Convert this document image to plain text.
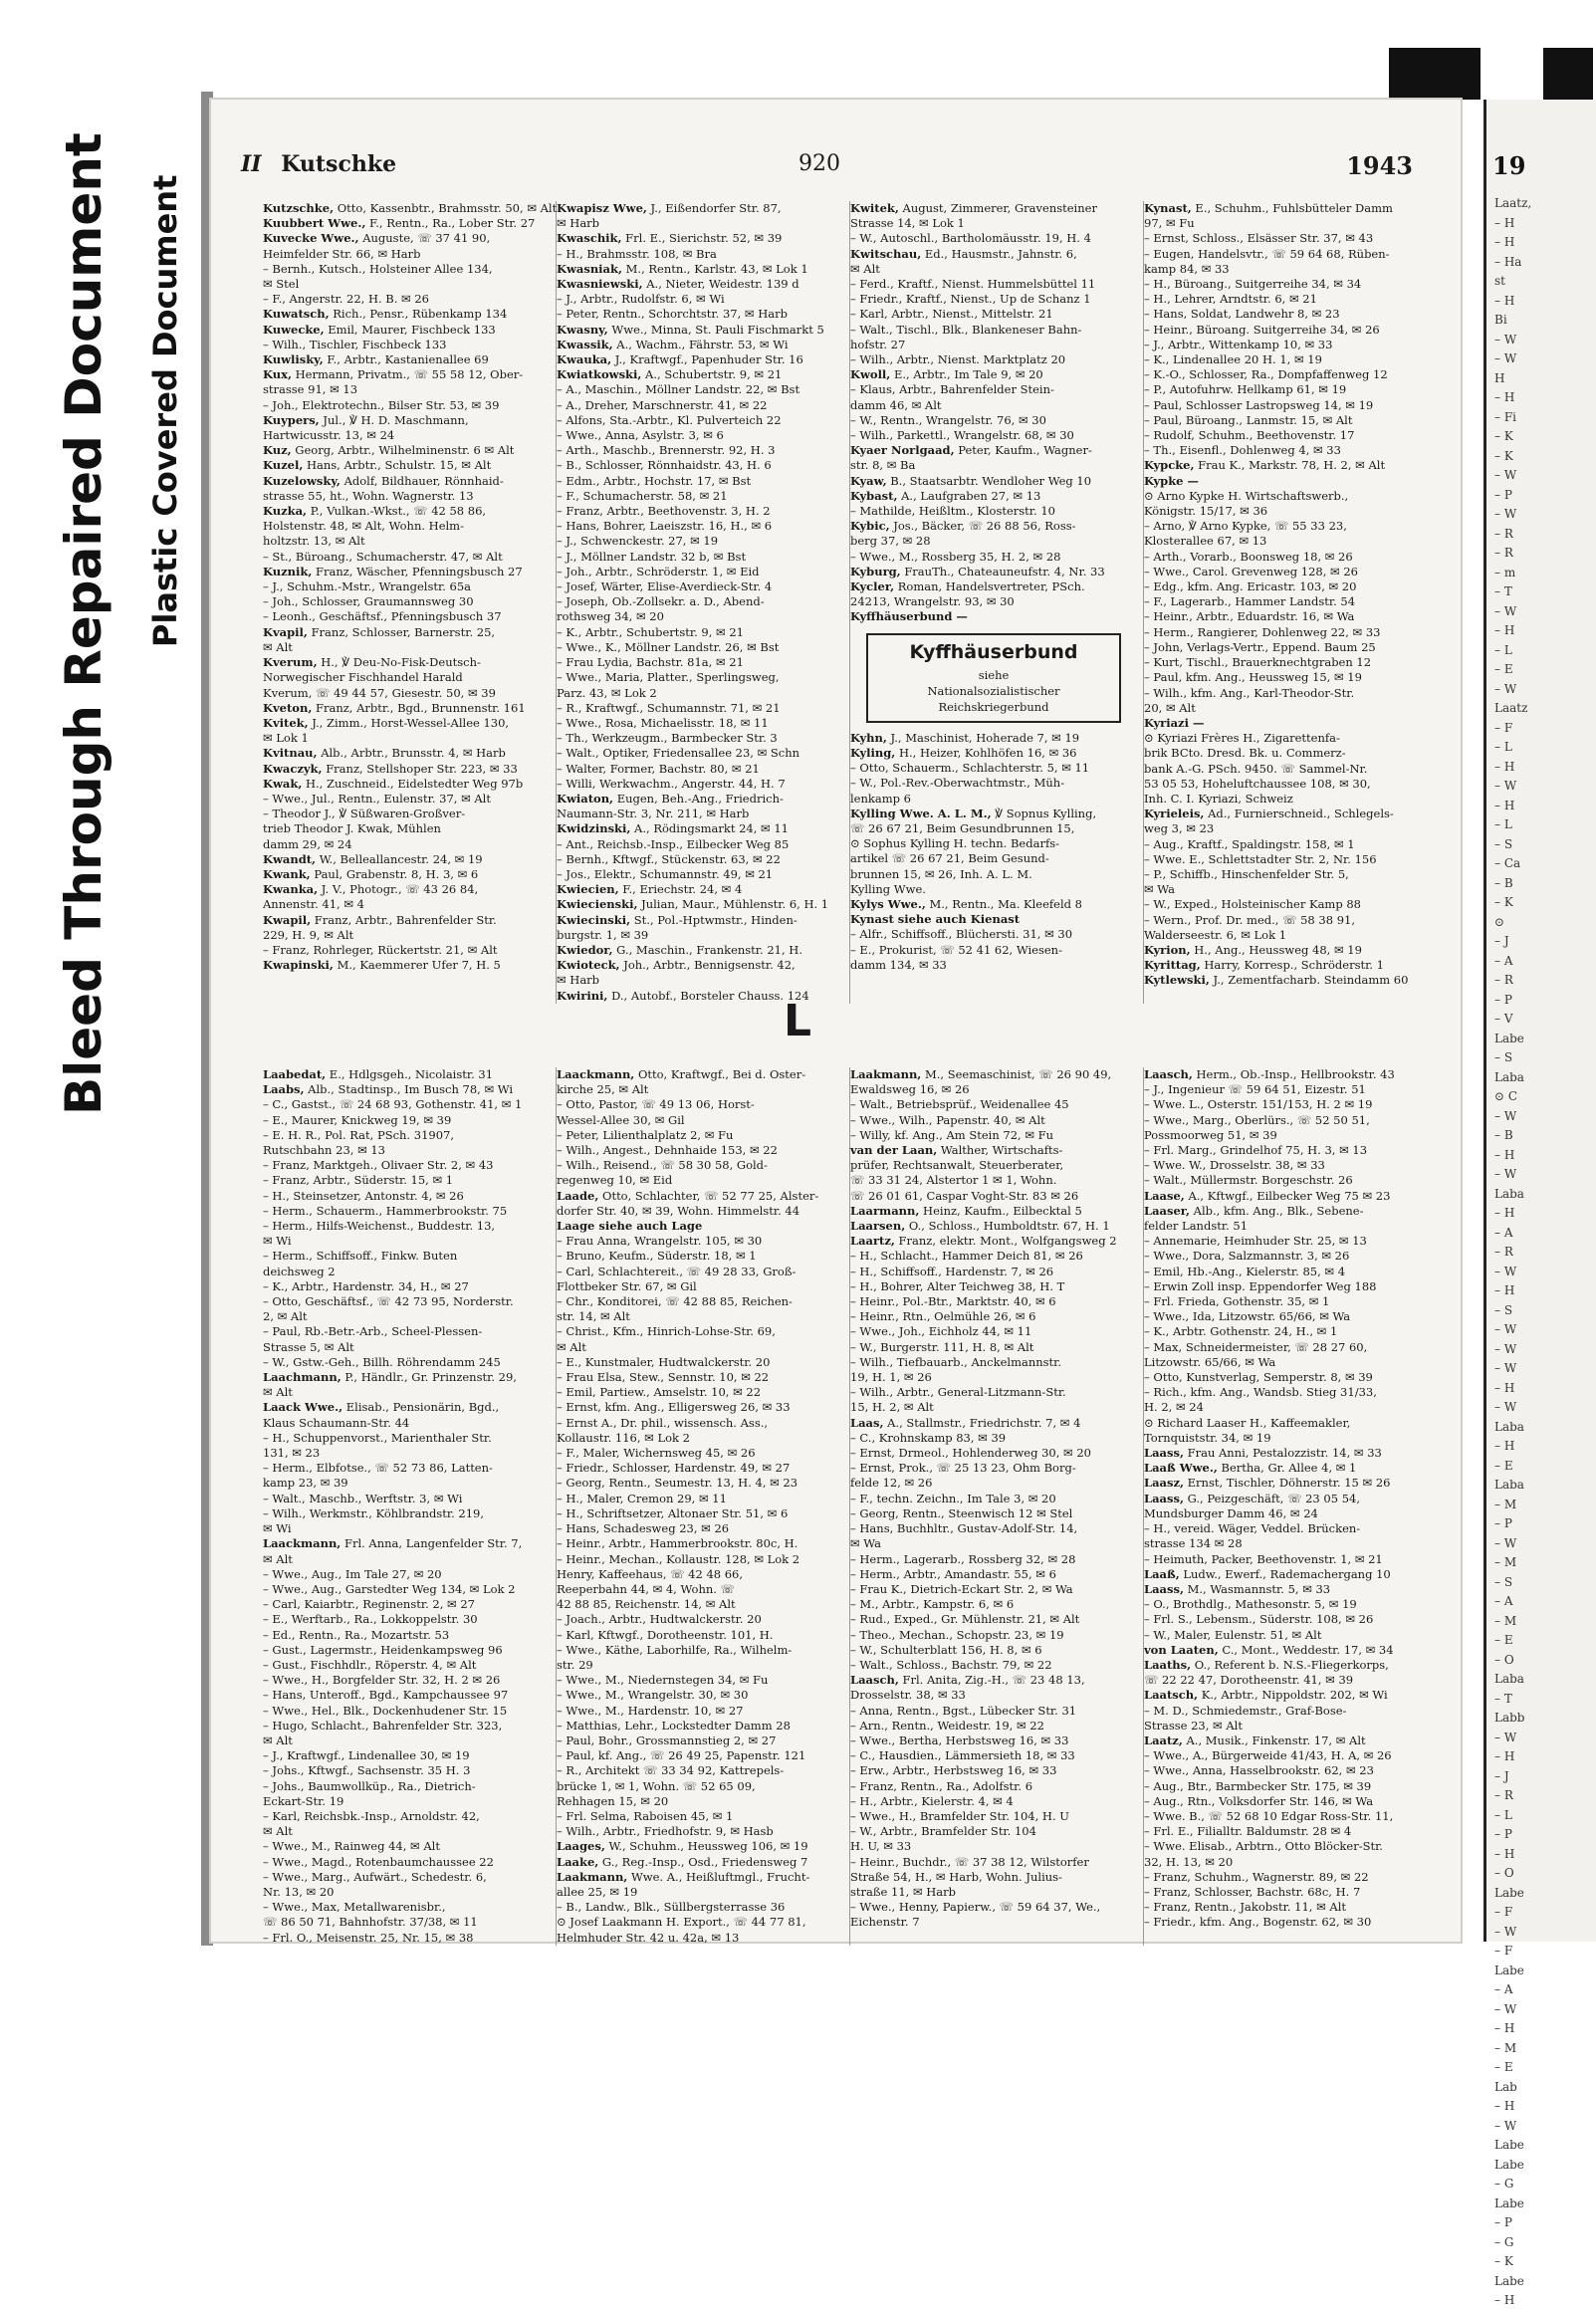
Bleed Through Repaired Document Plastic Covered Document
II Kutschke	920	1943
Kutzschke, Otto, Kassenbtr., Brahmsstr. 50, ✉ Alt
Kuubbert Wwe., F., Rentn., Ra., Lober Str. 27
Kuvecke Wwe., Auguste, ☏ 37 41 90,
Heimfelder Str. 66, ✉ Harb
– Bernh., Kutsch., Holsteiner Allee 134,
✉ Stel
– F., Angerstr. 22, H. B. ✉ 26
Kuwatsch, Rich., Pensr., Rübenkamp 134
Kuwecke, Emil, Maurer, Fischbeck 133
– Wilh., Tischler, Fischbeck 133
Kuwlisky, F., Arbtr., Kastanienallee 69
Kux, Hermann, Privatm., ☏ 55 58 12, Ober-
strasse 91, ✉ 13
– Joh., Elektrotechn., Bilser Str. 53, ✉ 39
Kuypers, Jul., ℣ H. D. Maschmann,
Hartwicusstr. 13, ✉ 24
Kuz, Georg, Arbtr., Wilhelminenstr. 6 ✉ Alt
Kuzel, Hans, Arbtr., Schulstr. 15, ✉ Alt
Kuzelowsky, Adolf, Bildhauer, Rönnhaid-
strasse 55, ht., Wohn. Wagnerstr. 13
Kuzka, P., Vulkan.-Wkst., ☏ 42 58 86,
Holstenstr. 48, ✉ Alt, Wohn. Helm-
holtzstr. 13, ✉ Alt
– St., Büroang., Schumacherstr. 47, ✉ Alt
Kuznik, Franz, Wäscher, Pfenningsbusch 27
– J., Schuhm.-Mstr., Wrangelstr. 65a
– Joh., Schlosser, Graumannsweg 30
– Leonh., Geschäftsf., Pfenningsbusch 37
Kvapil, Franz, Schlosser, Barnerstr. 25,
✉ Alt
Kverum, H., ℣ Deu-No-Fisk-Deutsch-
Norwegischer Fischhandel Harald
Kverum, ☏ 49 44 57, Giesestr. 50, ✉ 39
Kveton, Franz, Arbtr., Bgd., Brunnenstr. 161
Kvitek, J., Zimm., Horst-Wessel-Allee 130,
✉ Lok 1
Kvitnau, Alb., Arbtr., Brunsstr. 4, ✉ Harb
Kwaczyk, Franz, Stellshoper Str. 223, ✉ 33
Kwak, H., Zuschneid., Eidelstedter Weg 97b
– Wwe., Jul., Rentn., Eulenstr. 37, ✉ Alt
– Theodor J., ℣ Süßwaren-Großver-
trieb Theodor J. Kwak, Mühlen
damm 29, ✉ 24
Kwandt, W., Belleallancestr. 24, ✉ 19
Kwank, Paul, Grabenstr. 8, H. 3, ✉ 6
Kwanka, J. V., Photogr., ☏ 43 26 84,
Annenstr. 41, ✉ 4
Kwapil, Franz, Arbtr., Bahrenfelder Str.
229, H. 9, ✉ Alt
– Franz, Rohrleger, Rückertstr. 21, ✉ Alt
Kwapinski, M., Kaemmerer Ufer 7, H. 5
Kwapisz Wwe, J., Eißendorfer Str. 87,
✉ Harb
Kwaschik, Frl. E., Sierichstr. 52, ✉ 39
– H., Brahmsstr. 108, ✉ Bra
Kwasniak, M., Rentn., Karlstr. 43, ✉ Lok 1
Kwasniewski, A., Nieter, Weidestr. 139 d
– J., Arbtr., Rudolfstr. 6, ✉ Wi
– Peter, Rentn., Schorchtstr. 37, ✉ Harb
Kwasny, Wwe., Minna, St. Pauli Fischmarkt 5
Kwassik, A., Wachm., Fährstr. 53, ✉ Wi
Kwauka, J., Kraftwgf., Papenhuder Str. 16
Kwiatkowski, A., Schubertstr. 9, ✉ 21
– A., Maschin., Möllner Landstr. 22, ✉ Bst
– A., Dreher, Marschnerstr. 41, ✉ 22
– Alfons, Sta.-Arbtr., Kl. Pulverteich 22
– Wwe., Anna, Asylstr. 3, ✉ 6
– Arth., Maschb., Brennerstr. 92, H. 3
– B., Schlosser, Rönnhaidstr. 43, H. 6
– Edm., Arbtr., Hochstr. 17, ✉ Bst
– F., Schumacherstr. 58, ✉ 21
– Franz, Arbtr., Beethovenstr. 3, H. 2
– Hans, Bohrer, Laeiszstr. 16, H., ✉ 6
– J., Schwenckestr. 27, ✉ 19
– J., Möllner Landstr. 32 b, ✉ Bst
– Joh., Arbtr., Schröderstr. 1, ✉ Eid
– Josef, Wärter, Elise-Averdieck-Str. 4
– Joseph, Ob.-Zollsekr. a. D., Abend-
rothsweg 34, ✉ 20
– K., Arbtr., Schubertstr. 9, ✉ 21
– Wwe., K., Möllner Landstr. 26, ✉ Bst
– Frau Lydia, Bachstr. 81a, ✉ 21
– Wwe., Maria, Platter., Sperlingsweg,
Parz. 43, ✉ Lok 2
– R., Kraftwgf., Schumannstr. 71, ✉ 21
– Wwe., Rosa, Michaelisstr. 18, ✉ 11
– Th., Werkzeugm., Barmbecker Str. 3
– Walt., Optiker, Friedensallee 23, ✉ Schn
– Walter, Former, Bachstr. 80, ✉ 21
– Willi, Werkwachm., Angerstr. 44, H. 7
Kwiaton, Eugen, Beh.-Ang., Friedrich-
Naumann-Str. 3, Nr. 211, ✉ Harb
Kwidzinski, A., Rödingsmarkt 24, ✉ 11
– Ant., Reichsb.-Insp., Eilbecker Weg 85
– Bernh., Kftwgf., Stückenstr. 63, ✉ 22
– Jos., Elektr., Schumannstr. 49, ✉ 21
Kwiecien, F., Eriechstr. 24, ✉ 4
Kwiecienski, Julian, Maur., Mühlenstr. 6, H. 1
Kwiecinski, St., Pol.-Hptwmstr., Hinden-
burgstr. 1, ✉ 39
Kwiedor, G., Maschin., Frankenstr. 21, H.
Kwioteck, Joh., Arbtr., Bennigsenstr. 42,
✉ Harb
Kwirini, D., Autobf., Borsteler Chauss. 124
Kwitek, August, Zimmerer, Gravensteiner
Strasse 14, ✉ Lok 1
– W., Autoschl., Bartholomäusstr. 19, H. 4
Kwitschau, Ed., Hausmstr., Jahnstr. 6,
✉ Alt
– Ferd., Kraftf., Nienst. Hummelsbüttel 11
– Friedr., Kraftf., Nienst., Up de Schanz 1
– Karl, Arbtr., Nienst., Mittelstr. 21
– Walt., Tischl., Blk., Blankeneser Bahn-
hofstr. 27
– Wilh., Arbtr., Nienst. Marktplatz 20
Kwoll, E., Arbtr., Im Tale 9, ✉ 20
– Klaus, Arbtr., Bahrenfelder Stein-
damm 46, ✉ Alt
– W., Rentn., Wrangelstr. 76, ✉ 30
– Wilh., Parkettl., Wrangelstr. 68, ✉ 30
Kyaer Norlgaad, Peter, Kaufm., Wagner-
str. 8, ✉ Ba
Kyaw, B., Staatsarbtr. Wendloher Weg 10
Kybast, A., Laufgraben 27, ✉ 13
– Mathilde, Heißltm., Klosterstr. 10
Kybic, Jos., Bäcker, ☏ 26 88 56, Ross-
berg 37, ✉ 28
– Wwe., M., Rossberg 35, H. 2, ✉ 28
Kyburg, FrauTh., Chateauneufstr. 4, Nr. 33
Kycler, Roman, Handelsvertreter, PSch.
24213, Wrangelstr. 93, ✉ 30
Kyffhäuserbund —
Kyffhäuserbund
siehe
Nationalsozialistischer
Reichskriegerbund
Kyhn, J., Maschinist, Hoherade 7, ✉ 19
Kyling, H., Heizer, Kohlhöfen 16, ✉ 36
– Otto, Schauerm., Schlachterstr. 5, ✉ 11
– W., Pol.-Rev.-Oberwachtmstr., Müh-
lenkamp 6
Kylling Wwe. A. L. M., ℣ Sopnus Kylling,
☏ 26 67 21, Beim Gesundbrunnen 15,
⊙ Sophus Kylling H. techn. Bedarfs-
artikel ☏ 26 67 21, Beim Gesund-
brunnen 15, ✉ 26, Inh. A. L. M.
Kylling Wwe.
Kylys Wwe., M., Rentn., Ma. Kleefeld 8
Kynast siehe auch Kienast
– Alfr., Schiffsoff., Blüchersti. 31, ✉ 30
– E., Prokurist, ☏ 52 41 62, Wiesen-
damm 134, ✉ 33
Kynast, E., Schuhm., Fuhlsbütteler Damm
97, ✉ Fu
– Ernst, Schloss., Elsässer Str. 37, ✉ 43
– Eugen, Handelsvtr., ☏ 59 64 68, Rüben-
kamp 84, ✉ 33
– H., Büroang., Suitgerreihe 34, ✉ 34
– H., Lehrer, Arndtstr. 6, ✉ 21
– Hans, Soldat, Landwehr 8, ✉ 23
– Heinr., Büroang. Suitgerreihe 34, ✉ 26
– J., Arbtr., Wittenkamp 10, ✉ 33
– K., Lindenallee 20 H. 1, ✉ 19
– K.-O., Schlosser, Ra., Dompfaffenweg 12
– P., Autofuhrw. Hellkamp 61, ✉ 19
– Paul, Schlosser Lastropsweg 14, ✉ 19
– Paul, Büroang., Lanmstr. 15, ✉ Alt
– Rudolf, Schuhm., Beethovenstr. 17
– Th., Eisenfl., Dohlenweg 4, ✉ 33
Kypcke, Frau K., Markstr. 78, H. 2, ✉ Alt
Kypke —
⊙ Arno Kypke H. Wirtschaftswerb.,
Königstr. 15/17, ✉ 36
– Arno, ℣ Arno Kypke, ☏ 55 33 23,
Klosterallee 67, ✉ 13
– Arth., Vorarb., Boonsweg 18, ✉ 26
– Wwe., Carol. Grevenweg 128, ✉ 26
– Edg., kfm. Ang. Ericastr. 103, ✉ 20
– F., Lagerarb., Hammer Landstr. 54
– Heinr., Arbtr., Eduardstr. 16, ✉ Wa
– Herm., Rangierer, Dohlenweg 22, ✉ 33
– John, Verlags-Vertr., Eppend. Baum 25
– Kurt, Tischl., Brauerknechtgraben 12
– Paul, kfm. Ang., Heussweg 15, ✉ 19
– Wilh., kfm. Ang., Karl-Theodor-Str.
20, ✉ Alt
Kyriazi —
⊙ Kyriazi Frères H., Zigarettenfa-
brik BCto. Dresd. Bk. u. Commerz-
bank A.-G. PSch. 9450. ☏ Sammel-Nr.
53 05 53, Hoheluftchaussee 108, ✉ 30,
Inh. C. I. Kyriazi, Schweiz
Kyrieleis, Ad., Furnierschneid., Schlegels-
weg 3, ✉ 23
– Aug., Kraftf., Spaldingstr. 158, ✉ 1
– Wwe. E., Schlettstadter Str. 2, Nr. 156
– P., Schiffb., Hinschenfelder Str. 5,
✉ Wa
– W., Exped., Holsteinischer Kamp 88
– Wern., Prof. Dr. med., ☏ 58 38 91,
Walderseestr. 6, ✉ Lok 1
Kyrion, H., Ang., Heussweg 48, ✉ 19
Kyrittag, Harry, Korresp., Schröderstr. 1
Kytlewski, J., Zementfacharb. Steindamm 60
L
Laabedat, E., Hdlgsgeh., Nicolaistr. 31
Laabs, Alb., Stadtinsp., Im Busch 78, ✉ Wi
– C., Gastst., ☏ 24 68 93, Gothenstr. 41, ✉ 1
– E., Maurer, Knickweg 19, ✉ 39
– E. H. R., Pol. Rat, PSch. 31907,
Rutschbahn 23, ✉ 13
– Franz, Marktgeh., Olivaer Str. 2, ✉ 43
– Franz, Arbtr., Süderstr. 15, ✉ 1
– H., Steinsetzer, Antonstr. 4, ✉ 26
– Herm., Schauerm., Hammerbrookstr. 75
– Herm., Hilfs-Weichenst., Buddestr. 13,
✉ Wi
– Herm., Schiffsoff., Finkw. Buten
deichsweg 2
– K., Arbtr., Hardenstr. 34, H., ✉ 27
– Otto, Geschäftsf., ☏ 42 73 95, Norderstr.
2, ✉ Alt
– Paul, Rb.-Betr.-Arb., Scheel-Plessen-
Strasse 5, ✉ Alt
– W., Gstw.-Geh., Billh. Röhrendamm 245
Laachmann, P., Händlr., Gr. Prinzenstr. 29,
✉ Alt
Laack Wwe., Elisab., Pensionärin, Bgd.,
Klaus Schaumann-Str. 44
– H., Schuppenvorst., Marienthaler Str.
131, ✉ 23
– Herm., Elbfotse., ☏ 52 73 86, Latten-
kamp 23, ✉ 39
– Walt., Maschb., Werftstr. 3, ✉ Wi
– Wilh., Werkmstr., Köhlbrandstr. 219,
✉ Wi
Laackmann, Frl. Anna, Langenfelder Str. 7,
✉ Alt
– Wwe., Aug., Im Tale 27, ✉ 20
– Wwe., Aug., Garstedter Weg 134, ✉ Lok 2
– Carl, Kaiarbtr., Reginenstr. 2, ✉ 27
– E., Werftarb., Ra., Lokkoppelstr. 30
– Ed., Rentn., Ra., Mozartstr. 53
– Gust., Lagermstr., Heidenkampsweg 96
– Gust., Fischhdlr., Röperstr. 4, ✉ Alt
– Wwe., H., Borgfelder Str. 32, H. 2 ✉ 26
– Hans, Unteroff., Bgd., Kampchaussee 97
– Wwe., Hel., Blk., Dockenhudener Str. 15
– Hugo, Schlacht., Bahrenfelder Str. 323,
✉ Alt
– J., Kraftwgf., Lindenallee 30, ✉ 19
– Johs., Kftwgf., Sachsenstr. 35 H. 3
– Johs., Baumwollküp., Ra., Dietrich-
Eckart-Str. 19
– Karl, Reichsbk.-Insp., Arnoldstr. 42,
✉ Alt
– Wwe., M., Rainweg 44, ✉ Alt
– Wwe., Magd., Rotenbaumchaussee 22
– Wwe., Marg., Aufwärt., Schedestr. 6,
Nr. 13, ✉ 20
– Wwe., Max, Metallwarenisbr.,
☏ 86 50 71, Bahnhofstr. 37/38, ✉ 11
– Frl. O., Meisenstr. 25, Nr. 15, ✉ 38
Laackmann, Otto, Kraftwgf., Bei d. Oster-
kirche 25, ✉ Alt
– Otto, Pastor, ☏ 49 13 06, Horst-
Wessel-Allee 30, ✉ Gil
– Peter, Lilienthalplatz 2, ✉ Fu
– Wilh., Angest., Dehnhaide 153, ✉ 22
– Wilh., Reisend., ☏ 58 30 58, Gold-
regenweg 10, ✉ Eid
Laade, Otto, Schlachter, ☏ 52 77 25, Alster-
dorfer Str. 40, ✉ 39, Wohn. Himmelstr. 44
Laage siehe auch Lage
– Frau Anna, Wrangelstr. 105, ✉ 30
– Bruno, Keufm., Süderstr. 18, ✉ 1
– Carl, Schlachtereit., ☏ 49 28 33, Groß-
Flottbeker Str. 67, ✉ Gil
– Chr., Konditorei, ☏ 42 88 85, Reichen-
str. 14, ✉ Alt
– Christ., Kfm., Hinrich-Lohse-Str. 69,
✉ Alt
– E., Kunstmaler, Hudtwalckerstr. 20
– Frau Elsa, Stew., Sennstr. 10, ✉ 22
– Emil, Partiew., Amselstr. 10, ✉ 22
– Ernst, kfm. Ang., Elligersweg 26, ✉ 33
– Ernst A., Dr. phil., wissensch. Ass.,
Kollaustr. 116, ✉ Lok 2
– F., Maler, Wichernsweg 45, ✉ 26
– Friedr., Schlosser, Hardenstr. 49, ✉ 27
– Georg, Rentn., Seumestr. 13, H. 4, ✉ 23
– H., Maler, Cremon 29, ✉ 11
– H., Schriftsetzer, Altonaer Str. 51, ✉ 6
– Hans, Schadesweg 23, ✉ 26
– Heinr., Arbtr., Hammerbrookstr. 80c, H.
– Heinr., Mechan., Kollaustr. 128, ✉ Lok 2
Henry, Kaffeehaus, ☏ 42 48 66,
Reeperbahn 44, ✉ 4, Wohn. ☏
42 88 85, Reichenstr. 14, ✉ Alt
– Joach., Arbtr., Hudtwalckerstr. 20
– Karl, Kftwgf., Dorotheenstr. 101, H.
– Wwe., Käthe, Laborhilfe, Ra., Wilhelm-
str. 29
– Wwe., M., Niedernstegen 34, ✉ Fu
– Wwe., M., Wrangelstr. 30, ✉ 30
– Wwe., M., Hardenstr. 10, ✉ 27
– Matthias, Lehr., Lockstedter Damm 28
– Paul, Bohr., Grossmannstieg 2, ✉ 27
– Paul, kf. Ang., ☏ 26 49 25, Papenstr. 121
– R., Architekt ☏ 33 34 92, Kattrepels-
brücke 1, ✉ 1, Wohn. ☏ 52 65 09,
Rehhagen 15, ✉ 20
– Frl. Selma, Raboisen 45, ✉ 1
– Wilh., Arbtr., Friedhofstr. 9, ✉ Hasb
Laages, W., Schuhm., Heussweg 106, ✉ 19
Laake, G., Reg.-Insp., Osd., Friedensweg 7
Laakmann, Wwe. A., Heißluftmgl., Frucht-
allee 25, ✉ 19
– B., Landw., Blk., Süllbergsterrasse 36
⊙ Josef Laakmann H. Export., ☏ 44 77 81,
Helmhuder Str. 42 u. 42a, ✉ 13
Laakmann, M., Seemaschinist, ☏ 26 90 49,
Ewaldsweg 16, ✉ 26
– Walt., Betriebsprüf., Weidenallee 45
– Wwe., Wilh., Papenstr. 40, ✉ Alt
– Willy, kf. Ang., Am Stein 72, ✉ Fu
van der Laan, Walther, Wirtschafts-
prüfer, Rechtsanwalt, Steuerberater,
☏ 33 31 24, Alstertor 1 ✉ 1, Wohn.
☏ 26 01 61, Caspar Voght-Str. 83 ✉ 26
Laarmann, Heinz, Kaufm., Eilbecktal 5
Laarsen, O., Schloss., Humboldtstr. 67, H. 1
Laartz, Franz, elektr. Mont., Wolfgangsweg 2
– H., Schlacht., Hammer Deich 81, ✉ 26
– H., Schiffsoff., Hardenstr. 7, ✉ 26
– H., Bohrer, Alter Teichweg 38, H. T
– Heinr., Pol.-Btr., Marktstr. 40, ✉ 6
– Heinr., Rtn., Oelmühle 26, ✉ 6
– Wwe., Joh., Eichholz 44, ✉ 11
– W., Burgerstr. 111, H. 8, ✉ Alt
– Wilh., Tiefbauarb., Anckelmannstr.
19, H. 1, ✉ 26
– Wilh., Arbtr., General-Litzmann-Str.
15, H. 2, ✉ Alt
Laas, A., Stallmstr., Friedrichstr. 7, ✉ 4
– C., Krohnskamp 83, ✉ 39
– Ernst, Drmeol., Hohlenderweg 30, ✉ 20
– Ernst, Prok., ☏ 25 13 23, Ohm Borg-
felde 12, ✉ 26
– F., techn. Zeichn., Im Tale 3, ✉ 20
– Georg, Rentn., Steenwisch 12 ✉ Stel
– Hans, Buchhltr., Gustav-Adolf-Str. 14,
✉ Wa
– Herm., Lagerarb., Rossberg 32, ✉ 28
– Herm., Arbtr., Amandastr. 55, ✉ 6
– Frau K., Dietrich-Eckart Str. 2, ✉ Wa
– M., Arbtr., Kampstr. 6, ✉ 6
– Rud., Exped., Gr. Mühlenstr. 21, ✉ Alt
– Theo., Mechan., Schopstr. 23, ✉ 19
– W., Schulterblatt 156, H. 8, ✉ 6
– Walt., Schloss., Bachstr. 79, ✉ 22
Laasch, Frl. Anita, Zig.-H., ☏ 23 48 13,
Drosselstr. 38, ✉ 33
– Anna, Rentn., Bgst., Lübecker Str. 31
– Arn., Rentn., Weidestr. 19, ✉ 22
– Wwe., Bertha, Herbstsweg 16, ✉ 33
– C., Hausdien., Lämmersieth 18, ✉ 33
– Erw., Arbtr., Herbstsweg 16, ✉ 33
– Franz, Rentn., Ra., Adolfstr. 6
– H., Arbtr., Kielerstr. 4, ✉ 4
– Wwe., H., Bramfelder Str. 104, H. U
– W., Arbtr., Bramfelder Str. 104
H. U, ✉ 33
– Heinr., Buchdr., ☏ 37 38 12, Wilstorfer
Straße 54, H., ✉ Harb, Wohn. Julius-
straße 11, ✉ Harb
– Wwe., Henny, Papierw., ☏ 59 64 37, We.,
Eichenstr. 7
Laasch, Herm., Ob.-Insp., Hellbrookstr. 43
– J., Ingenieur ☏ 59 64 51, Eizestr. 51
– Wwe. L., Osterstr. 151/153, H. 2 ✉ 19
– Wwe., Marg., Oberlürs., ☏ 52 50 51,
Possmoorweg 51, ✉ 39
– Frl. Marg., Grindelhof 75, H. 3, ✉ 13
– Wwe. W., Drosselstr. 38, ✉ 33
– Walt., Müllermstr. Borgeschstr. 26
Laase, A., Kftwgf., Eilbecker Weg 75 ✉ 23
Laaser, Alb., kfm. Ang., Blk., Sebene-
felder Landstr. 51
– Annemarie, Heimhuder Str. 25, ✉ 13
– Wwe., Dora, Salzmannstr. 3, ✉ 26
– Emil, Hb.-Ang., Kielerstr. 85, ✉ 4
– Erwin Zoll insp. Eppendorfer Weg 188
– Frl. Frieda, Gothenstr. 35, ✉ 1
– Wwe., Ida, Litzowstr. 65/66, ✉ Wa
– K., Arbtr. Gothenstr. 24, H., ✉ 1
– Max, Schneidermeister, ☏ 28 27 60,
Litzowstr. 65/66, ✉ Wa
– Otto, Kunstverlag, Semperstr. 8, ✉ 39
– Rich., kfm. Ang., Wandsb. Stieg 31/33,
H. 2, ✉ 24
⊙ Richard Laaser H., Kaffeemakler,
Tornquiststr. 34, ✉ 19
Laass, Frau Anni, Pestalozzistr. 14, ✉ 33
Laaß Wwe., Bertha, Gr. Allee 4, ✉ 1
Laasz, Ernst, Tischler, Döhnerstr. 15 ✉ 26
Laass, G., Peizgeschäft, ☏ 23 05 54,
Mundsburger Damm 46, ✉ 24
– H., vereid. Wäger, Veddel. Brücken-
strasse 134 ✉ 28
– Heimuth, Packer, Beethovenstr. 1, ✉ 21
Laaß, Ludw., Ewerf., Rademachergang 10
Laass, M., Wasmannstr. 5, ✉ 33
– O., Brothdlg., Mathesonstr. 5, ✉ 19
– Frl. S., Lebensm., Süderstr. 108, ✉ 26
– W., Maler, Eulenstr. 51, ✉ Alt
von Laaten, C., Mont., Weddestr. 17, ✉ 34
Laaths, O., Referent b. N.S.-Fliegerkorps,
☏ 22 22 47, Dorotheenstr. 41, ✉ 39
Laatsch, K., Arbtr., Nippoldstr. 202, ✉ Wi
– M. D., Schmiedemstr., Graf-Bose-
Strasse 23, ✉ Alt
Laatz, A., Musik., Finkenstr. 17, ✉ Alt
– Wwe., A., Bürgerweide 41/43, H. A, ✉ 26
– Wwe., Anna, Hasselbrookstr. 62, ✉ 23
– Aug., Btr., Barmbecker Str. 175, ✉ 39
– Aug., Rtn., Volksdorfer Str. 146, ✉ Wa
– Wwe. B., ☏ 52 68 10 Edgar Ross-Str. 11,
– Frl. E., Filialltr. Baldumstr. 28 ✉ 4
– Wwe. Elisab., Arbtrn., Otto Blöcker-Str.
32, H. 13, ✉ 20
– Franz, Schuhm., Wagnerstr. 89, ✉ 22
– Franz, Schlosser, Bachstr. 68c, H. 7
– Franz, Rentn., Jakobstr. 11, ✉ Alt
– Friedr., kfm. Ang., Bogenstr. 62, ✉ 30
19
Laatz,
– H
– H
– Ha
st
– H
Bi
– W
– W
H
– H
– Fi
– K
– K
– W
– P
– W
– R
– R
– m
– T
– W
– H
– L
– E
– W
Laatz
– F
– L
– H
– W
– H
– L
– S
– Ca
– B
– K
⊙
– J
– A
– R
– P
– V
Labe
– S
Laba
⊙ C
– W
– B
– H
– W
Laba
– H
– A
– R
– W
– H
– S
– W
– W
– W
– H
– W
Laba
– H
– E
Laba
– M
– P
– W
– M
– S
– A
– M
– E
– O
Laba
– T
Labb
– W
– H
– J
– R
– L
– P
– H
– O
Labe
– F
– W
– F
Labe
– A
– W
– H
– M
– E
Lab
– H
– W
Labe
Labe
– G
Labe
– P
– G
– K
Labe
– H
